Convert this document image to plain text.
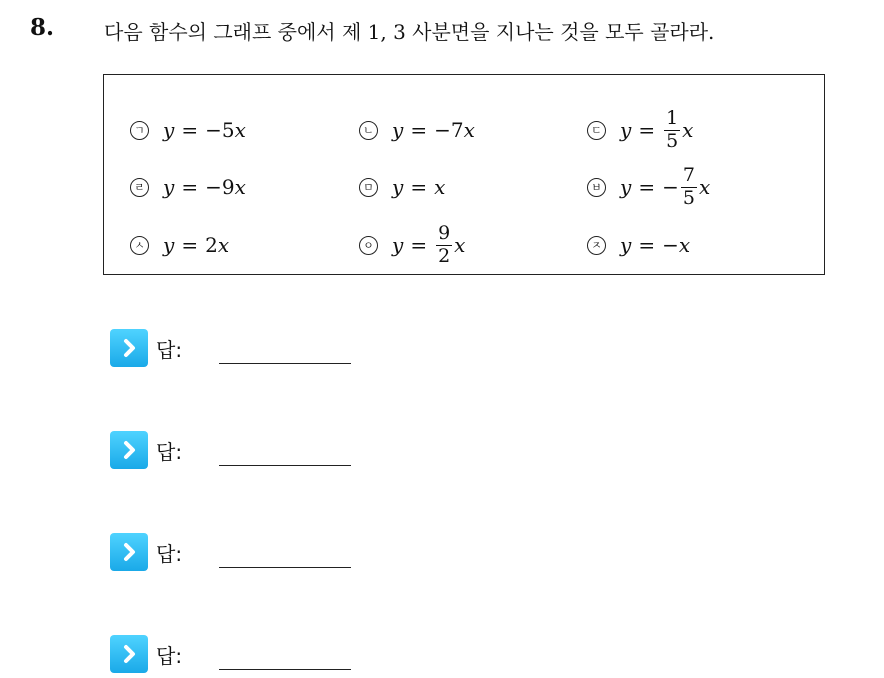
8. 다음 함수의 그래프 중에서 제 1, 3 사분면을 지나는 것을 모두 골라라.
ㄱ y = −5 x	ㄴ y = −7 x	ㄷ $y = \frac{1}{5}$ x
ㄹ y = −9 x	ㅁ y = x	ㅂ y = − $\frac{7}{5}$ x
ㅅ y = 2 x	ㅇ $y = \frac{9}{2}$ x	ㅈ y = − x
답:
답:
답:
답:
